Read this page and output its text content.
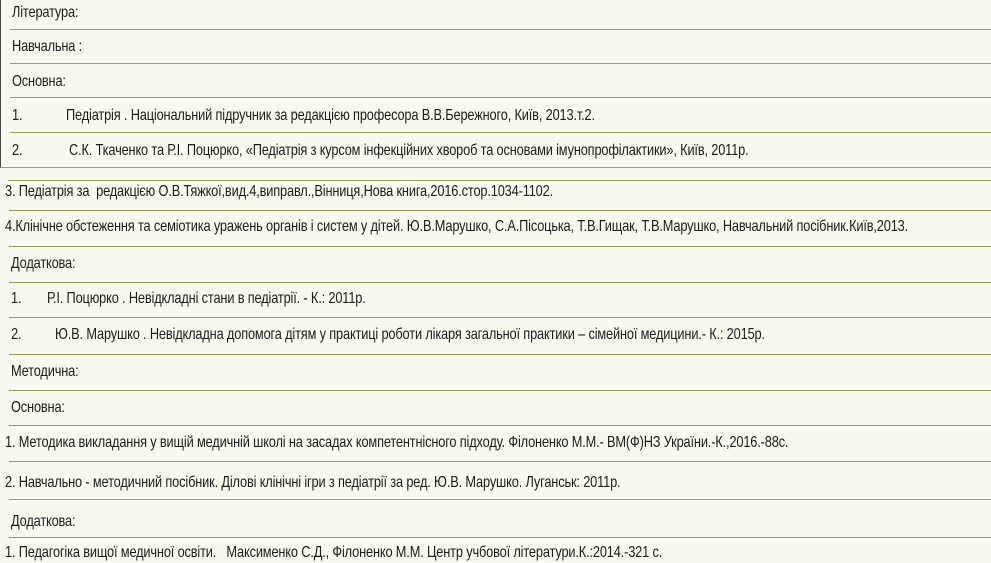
Література:
Навчальна :
Основна:
1.	Педіатрія . Національний підручник за редакцією професора В.В.Бережного, Київ, 2013.т.2.
2.	С.К. Ткаченко та Р.І. Поцюрко, «Педіатрія з курсом інфекційних хвороб та основами імунопрофілактики», Київ, 2011р.
3. Педіатрія за  редакцією О.В.Тяжкої,вид.4,виправл.,Вінниця,Нова книга,2016.стор.1034-1102.
4.Клінічне обстеження та семіотика уражень органів і систем у дітей. Ю.В.Марушко, С.А.Пісоцька, Т.В.Гищак, Т.В.Марушко, Навчальний посібник.Київ,2013.
Додаткова:
1. Р.І. Поцюрко . Невідкладні стани в педіатрії. - К.: 2011р.
2. Ю.В. Марушко . Невідкладна допомога дітям у практиці роботи лікаря загальної практики – сімейної медицини.- К.: 2015р.
Методична:
Основна:
1. Методика викладання у вищій медичній школі на засадах компетентнісного підходу. Філоненко М.М.- ВМ(Ф)НЗ України.-К.,2016.-88с.
2. Навчально - методичний посібник. Ділові клінічні ігри з педіатрії за ред. Ю.В. Марушко. Луганськ: 2011р.
Додаткова:
1. Педагогіка вищої медичної освіти.   Максименко С.Д., Філоненко М.М. Центр учбової літератури.К.:2014.-321 с.
